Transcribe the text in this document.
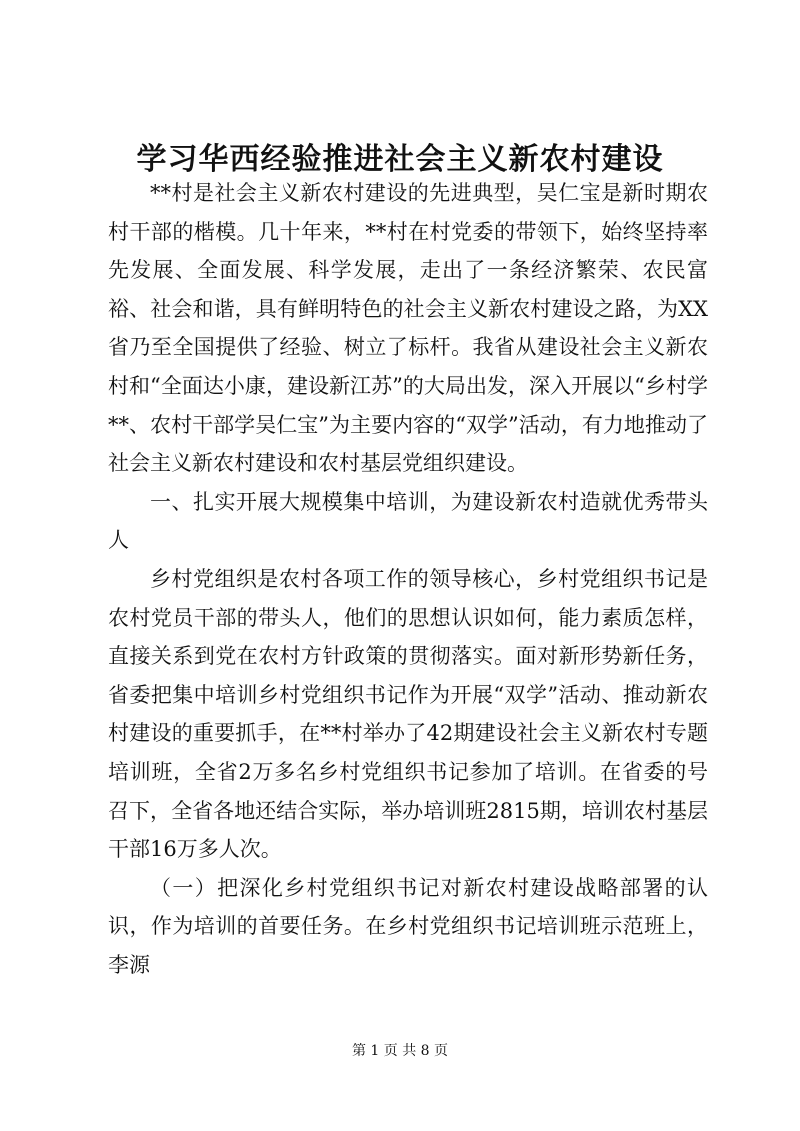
学习华西经验推进社会主义新农村建设

**村是社会主义新农村建设的先进典型，吴仁宝是新时期农村干部的楷模。几十年来，**村在村党委的带领下，始终坚持率先发展、全面发展、科学发展，走出了一条经济繁荣、农民富裕、社会和谐，具有鲜明特色的社会主义新农村建设之路，为XX省乃至全国提供了经验、树立了标杆。我省从建设社会主义新农村和“全面达小康，建设新江苏”的大局出发，深入开展以“乡村学**、农村干部学吴仁宝”为主要内容的“双学”活动，有力地推动了社会主义新农村建设和农村基层党组织建设。

一、扎实开展大规模集中培训，为建设新农村造就优秀带头人

乡村党组织是农村各项工作的领导核心，乡村党组织书记是农村党员干部的带头人，他们的思想认识如何，能力素质怎样，直接关系到党在农村方针政策的贯彻落实。面对新形势新任务，省委把集中培训乡村党组织书记作为开展“双学”活动、推动新农村建设的重要抓手，在**村举办了42期建设社会主义新农村专题培训班，全省2万多名乡村党组织书记参加了培训。在省委的号召下，全省各地还结合实际，举办培训班2815期，培训农村基层干部16万多人次。

（一）把深化乡村党组织书记对新农村建设战略部署的认识，作为培训的首要任务。在乡村党组织书记培训班示范班上，李源

第 1 页 共 8 页
